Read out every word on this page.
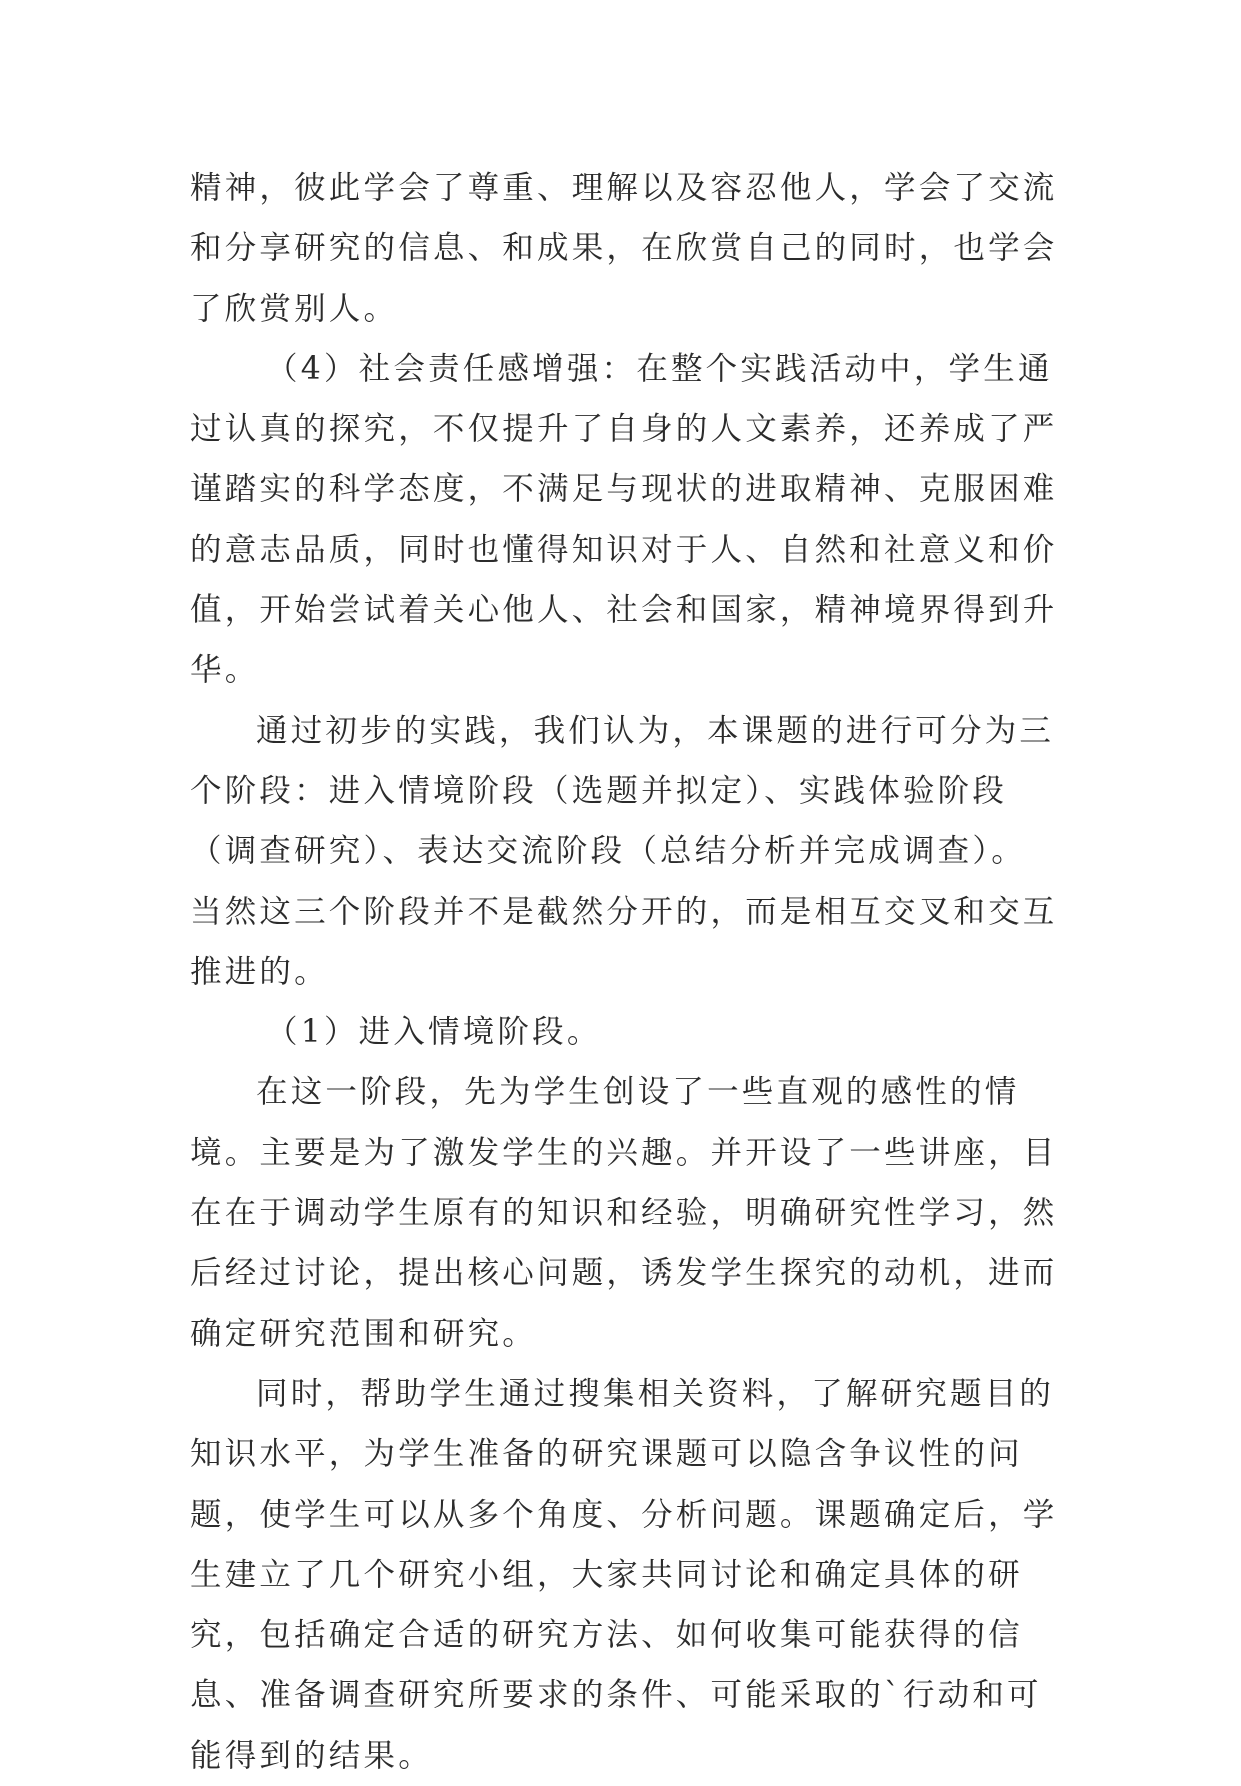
精神，彼此学会了尊重、理解以及容忍他人，学会了交流和分享研究的信息、和成果，在欣赏自己的同时，也学会了欣赏别人。

（4）社会责任感增强：在整个实践活动中，学生通过认真的探究，不仅提升了自身的人文素养，还养成了严谨踏实的科学态度，不满足与现状的进取精神、克服困难的意志品质，同时也懂得知识对于人、自然和社意义和价值，开始尝试着关心他人、社会和国家，精神境界得到升华。

通过初步的实践，我们认为，本课题的进行可分为三个阶段：进入情境阶段（选题并拟定）、实践体验阶段（调查研究）、表达交流阶段（总结分析并完成调查）。当然这三个阶段并不是截然分开的，而是相互交叉和交互推进的。

（1）进入情境阶段。

在这一阶段，先为学生创设了一些直观的感性的情境。主要是为了激发学生的兴趣。并开设了一些讲座，目在在于调动学生原有的知识和经验，明确研究性学习，然后经过讨论，提出核心问题，诱发学生探究的动机，进而确定研究范围和研究。

同时，帮助学生通过搜集相关资料，了解研究题目的知识水平，为学生准备的研究课题可以隐含争议性的问题，使学生可以从多个角度、分析问题。课题确定后，学生建立了几个研究小组，大家共同讨论和确定具体的研究，包括确定合适的研究方法、如何收集可能获得的信息、准备调查研究所要求的条件、可能采取的`行动和可能得到的结果。
